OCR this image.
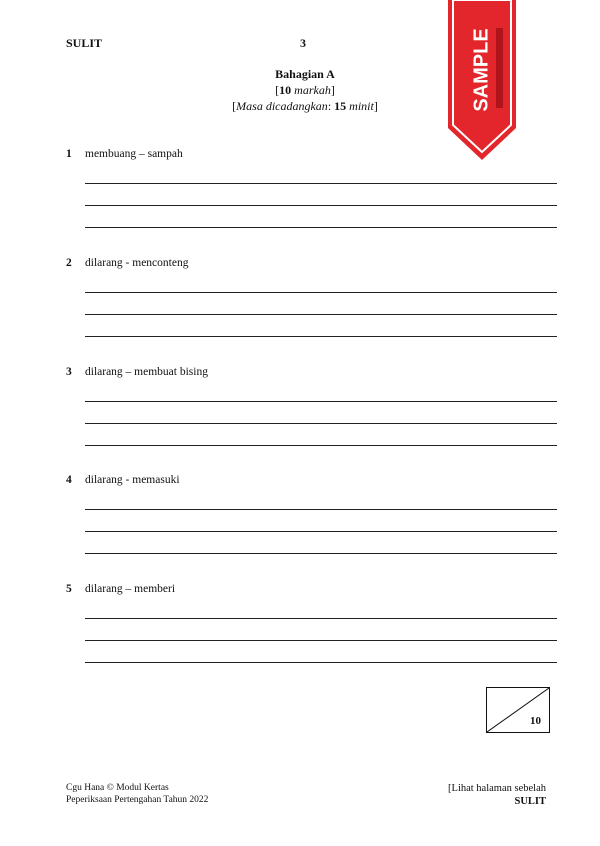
SULIT	3	SAMPLE
Bahagian A
[10 markah]
[Masa dicadangkan: 15 minit]
1 membuang – sampah
2 dilarang - menconteng
3 dilarang – membuat bising
4 dilarang - memasuki
5 dilarang – memberi
10
Cgu Hana © Modul Kertas
Peperiksaan Pertengahan Tahun 2022
[Lihat halaman sebelah
SULIT
